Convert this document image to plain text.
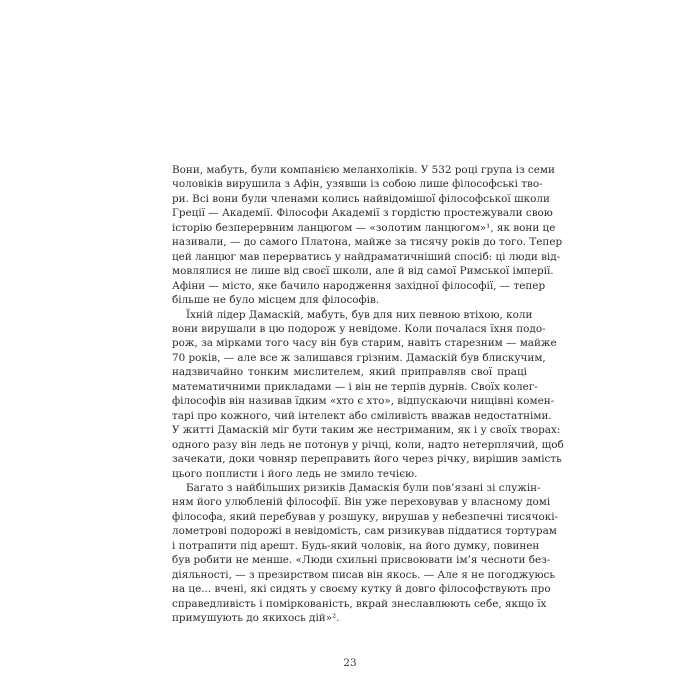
Вони, мабуть, були компанією меланхоліків. У 532 році група із семи
чоловіків вирушила з Афін, узявши із собою лише філософські тво-
ри. Всі вони були членами колись найвідомішої філософської школи
Греції — Академії. Філософи Академії з гордістю простежували свою
історію безперервним ланцюгом — «золотим ланцюгом»¹, як вони це
називали, — до самого Платона, майже за тисячу років до того. Тепер
цей ланцюг мав перерватись у найдраматичніший спосіб: ці люди від-
мовлялися не лише від своєї школи, але й від самої Римської імперії.
Афіни — місто, яке бачило народження західної філософії, — тепер
більше не було місцем для філософів.

Їхній лідер Дамаскій, мабуть, був для них певною втіхою, коли
вони вирушали в цю подорож у невідоме. Коли почалася їхня подо-
рож, за мірками того часу він був старим, навіть старезним — майже
70 років, — але все ж залишався грізним. Дамаскій був блискучим,
надзвичайно тонким мислителем, який приправляв свої праці
математичними прикладами — і він не терпів дурнів. Своїх колег-
філософів він називав їдким «хто є хто», відпускаючи нищівні комен-
тарі про кожного, чий інтелект або сміливість вважав недостатніми.
У житті Дамаскій міг бути таким же нестриманим, як і у своїх творах:
одного разу він ледь не потонув у річці, коли, надто нетерплячий, щоб
зачекати, доки човняр переправить його через річку, вирішив замість
цього поплисти і його ледь не змило течією.

Багато з найбільших ризиків Дамаскія були пов’язані зі служін-
ням його улюбленій філософії. Він уже переховував у власному домі
філософа, який перебував у розшуку, вирушав у небезпечні тисячокі-
лометрові подорожі в невідомість, сам ризикував піддатися тортурам
і потрапити під арешт. Будь-який чоловік, на його думку, повинен
був робити не менше. «Люди схильні присвоювати ім’я чесноти без-
діяльності, — з презирством писав він якось. — Але я не погоджуюсь
на це... вчені, які сидять у своєму кутку й довго філософствують про
справедливість і поміркованість, вкрай знеславлюють себе, якщо їх
примушують до якихось дій»².

23
